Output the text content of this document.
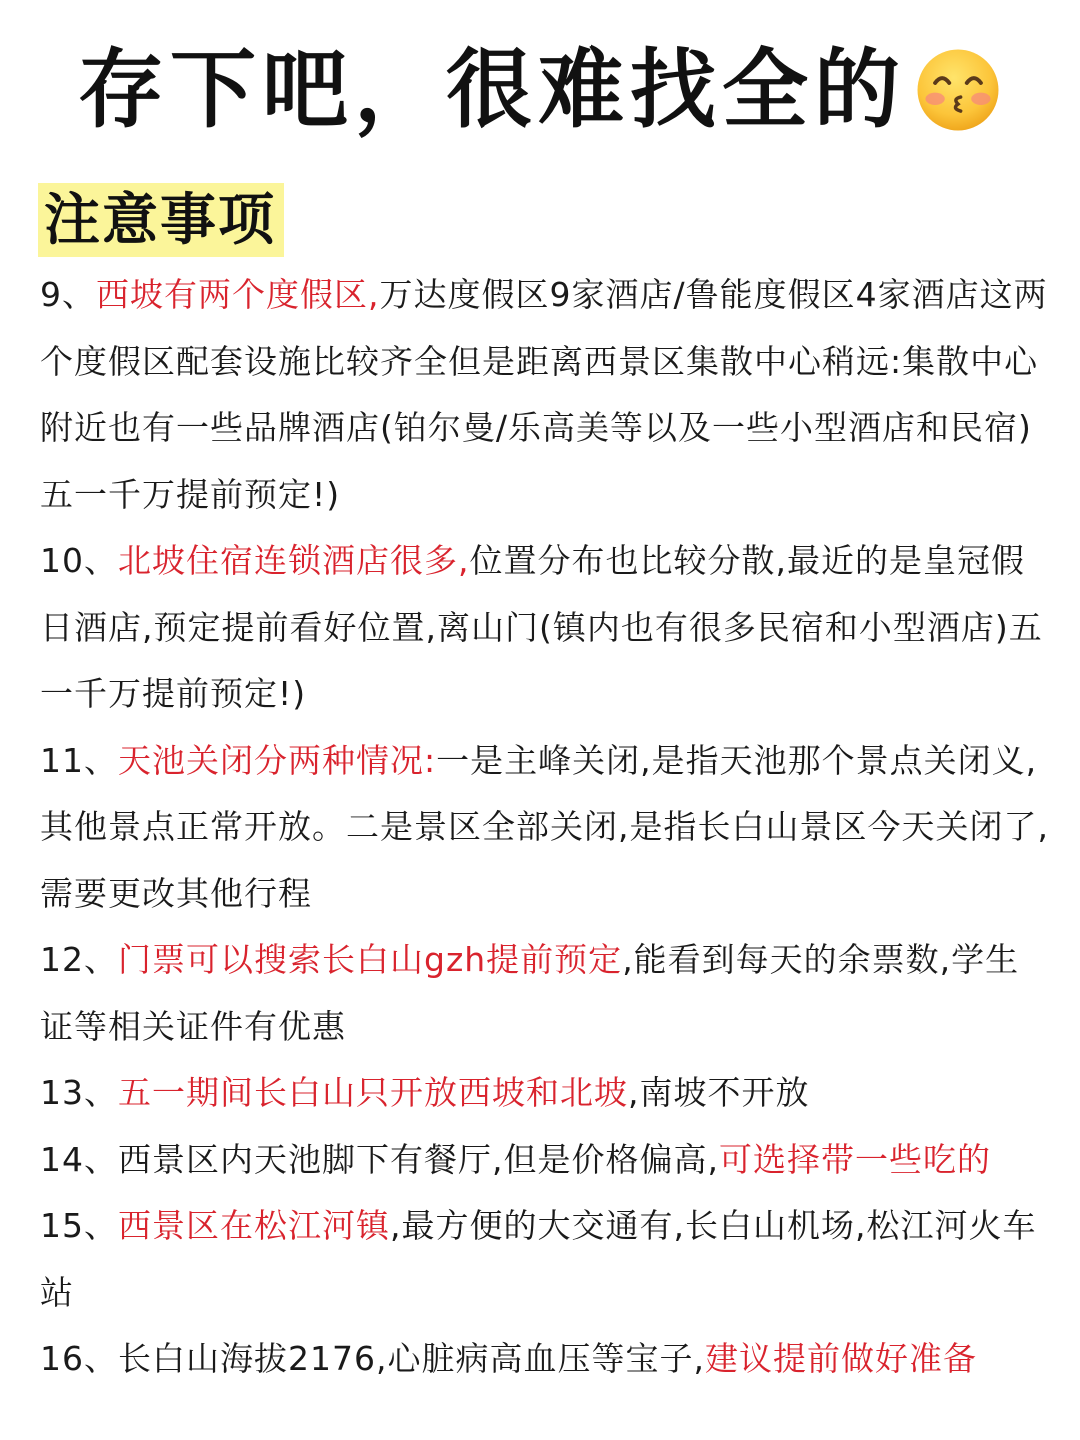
存下吧，很难找全的
注意事项

9、西坡有两个度假区,万达度假区9家酒店/鲁能度假区4家酒店这两个度假区配套设施比较齐全但是距离西景区集散中心稍远:集散中心附近也有一些品牌酒店(铂尔曼/乐高美等以及一些小型酒店和民宿)五一千万提前预定!)

10、北坡住宿连锁酒店很多,位置分布也比较分散,最近的是皇冠假日酒店,预定提前看好位置,离山门(镇内也有很多民宿和小型酒店)五一千万提前预定!)

11、天池关闭分两种情况:一是主峰关闭,是指天池那个景点关闭义,其他景点正常开放。二是景区全部关闭,是指长白山景区今天关闭了,需要更改其他行程

12、门票可以搜索长白山gzh提前预定,能看到每天的余票数,学生证等相关证件有优惠

13、五一期间长白山只开放西坡和北坡,南坡不开放

14、西景区内天池脚下有餐厅,但是价格偏高,可选择带一些吃的

15、西景区在松江河镇,最方便的大交通有,长白山机场,松江河火车站

16、长白山海拔2176,心脏病高血压等宝子,建议提前做好准备
